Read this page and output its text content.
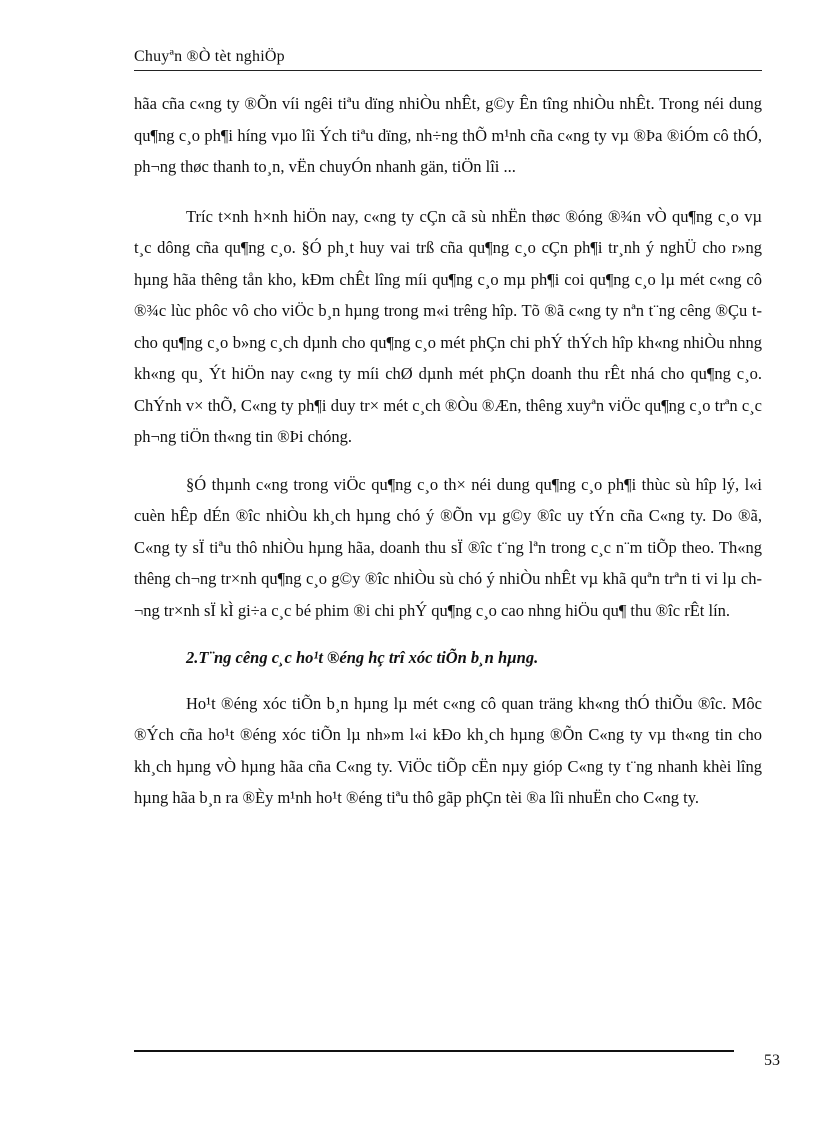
Chuyªn ®Ò tèt nghiÖp

hãa cña c«ng ty ®Õn víi ngêi tiªu dïng nhiÒu nhÊt, g©y Ên tîng nhiÒu nhÊt. Trong néi dung qu¶ng c¸o ph¶i híng vµo lîi Ých tiªu dïng, nh÷ng thÕ m¹nh cña c«ng ty vµ ®Þa ®iÓm cô thÓ, ph¬ng thøc thanh to¸n, vËn chuyÓn nhanh gän, tiÖn lîi ...

Tríc t×nh h×nh hiÖn nay, c«ng ty cÇn cã sù nhËn thøc ®óng ®¾n vÒ qu¶ng c¸o vµ t¸c dông cña qu¶ng c¸o. §Ó ph¸t huy vai trß cña qu¶ng c¸o cÇn ph¶i tr¸nh ý nghÜ cho r»ng hµng hãa thêng tån kho, kÐm chÊt lîng míi qu¶ng c¸o mµ ph¶i coi qu¶ng c¸o lµ mét c«ng cô ®¾c lùc phôc vô cho viÖc b¸n hµng trong m«i trêng hîp. Tõ ®ã c«ng ty nªn t¨ng cêng ®Çu t cho qu¶ng c¸o b»ng c¸ch dµnh cho qu¶ng c¸o mét phÇn chi phÝ thÝch hîp kh«ng nhiÒu nhng kh«ng qu¸ Ýt hiÖn nay c«ng ty míi chØ dµnh mét phÇn doanh thu rÊt nhá cho qu¶ng c¸o. ChÝnh v× thÕ, C«ng ty ph¶i duy tr× mét c¸ch ®Òu ®Æn, thêng xuyªn viÖc qu¶ng c¸o trªn c¸c ph¬ng tiÖn th«ng tin ®Þi chóng.

§Ó thµnh c«ng trong viÖc qu¶ng c¸o th× néi dung qu¶ng c¸o ph¶i thùc sù hîp lý, l«i cuèn hÊp dÉn ®îc nhiÒu kh¸ch hµng chó ý ®Õn vµ g©y ®îc uy tÝn cña C«ng ty. Do ®ã, C«ng ty sÏ tiªu thô nhiÒu hµng hãa, doanh thu sÏ ®îc t¨ng lªn trong c¸c n¨m tiÕp theo. Th«ng thêng ch¬ng tr×nh qu¶ng c¸o g©y ®îc nhiÒu sù chó ý nhiÒu nhÊt vµ khã quªn trªn ti vi lµ ch¬ng tr×nh sÏ kÌ gi÷a c¸c bé phim ®i chi phÝ qu¶ng c¸o cao nhng hiÖu qu¶ thu ®îc rÊt lín.

2.T¨ng cêng c¸c ho¹t ®éng hç trî xóc tiÕn b¸n hµng.

Ho¹t ®éng xóc tiÕn b¸n hµng lµ mét c«ng cô quan träng kh«ng thÓ thiÕu ®îc. Môc ®Ých cña ho¹t ®éng xóc tiÕn lµ nh»m l«i kÐo kh¸ch hµng ®Õn C«ng ty vµ th«ng tin cho kh¸ch hµng vÒ hµng hãa cña C«ng ty. ViÖc tiÕp cËn nµy gióp C«ng ty t¨ng nhanh khèi lîng hµng hãa b¸n ra ®Èy m¹nh ho¹t ®éng tiªu thô gãp phÇn tèi ®a lîi nhuËn cho C«ng ty.

53
